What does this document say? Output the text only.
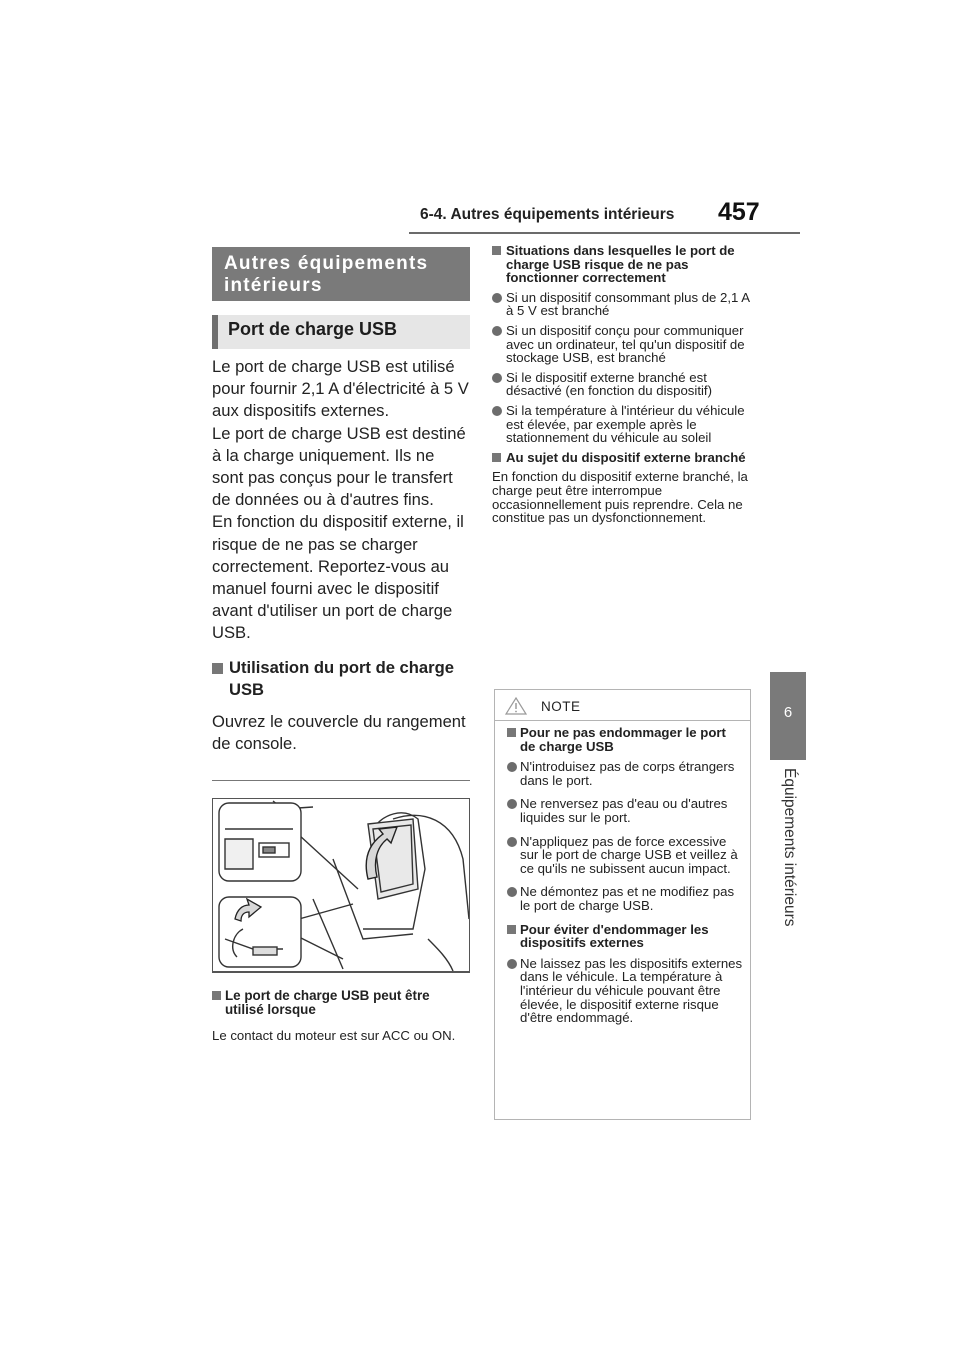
6-4. Autres équipements intérieurs 457
6
Équipements intérieurs
Autres équipements intérieurs
Port de charge USB

Le port de charge USB est utilisé pour fournir 2,1 A d'électricité à 5 V aux dispositifs externes.

Le port de charge USB est destiné à la charge uniquement. Ils ne sont pas conçus pour le transfert de données ou à d'autres fins.

En fonction du dispositif externe, il risque de ne pas se charger correctement. Reportez-vous au manuel fourni avec le dispositif avant d'utiliser un port de charge USB.

Utilisation du port de charge USB

Ouvrez le couvercle du rangement de console.

Le port de charge USB peut être utilisé lorsque
Le contact du moteur est sur ACC ou ON.

Situations dans lesquelles le port de charge USB risque de ne pas fonctionner correctement

Si un dispositif consommant plus de 2,1 A à 5 V est branché

Si un dispositif conçu pour communiquer avec un ordinateur, tel qu'un dispositif de stockage USB, est branché

Si le dispositif externe branché est désactivé (en fonction du dispositif)

Si la température à l'intérieur du véhicule est élevée, par exemple après le stationnement du véhicule au soleil

Au sujet du dispositif externe branché

En fonction du dispositif externe branché, la charge peut être interrompue occasionnellement puis reprendre. Cela ne constitue pas un dysfonctionnement.

NOTE

Pour ne pas endommager le port de charge USB

N'introduisez pas de corps étrangers dans le port.

Ne renversez pas d'eau ou d'autres liquides sur le port.

N'appliquez pas de force excessive sur le port de charge USB et veillez à ce qu'ils ne subissent aucun impact.

Ne démontez pas et ne modifiez pas le port de charge USB.

Pour éviter d'endommager les dispositifs externes

Ne laissez pas les dispositifs externes dans le véhicule. La température à l'intérieur du véhicule pouvant être élevée, le dispositif externe risque d'être endommagé.
